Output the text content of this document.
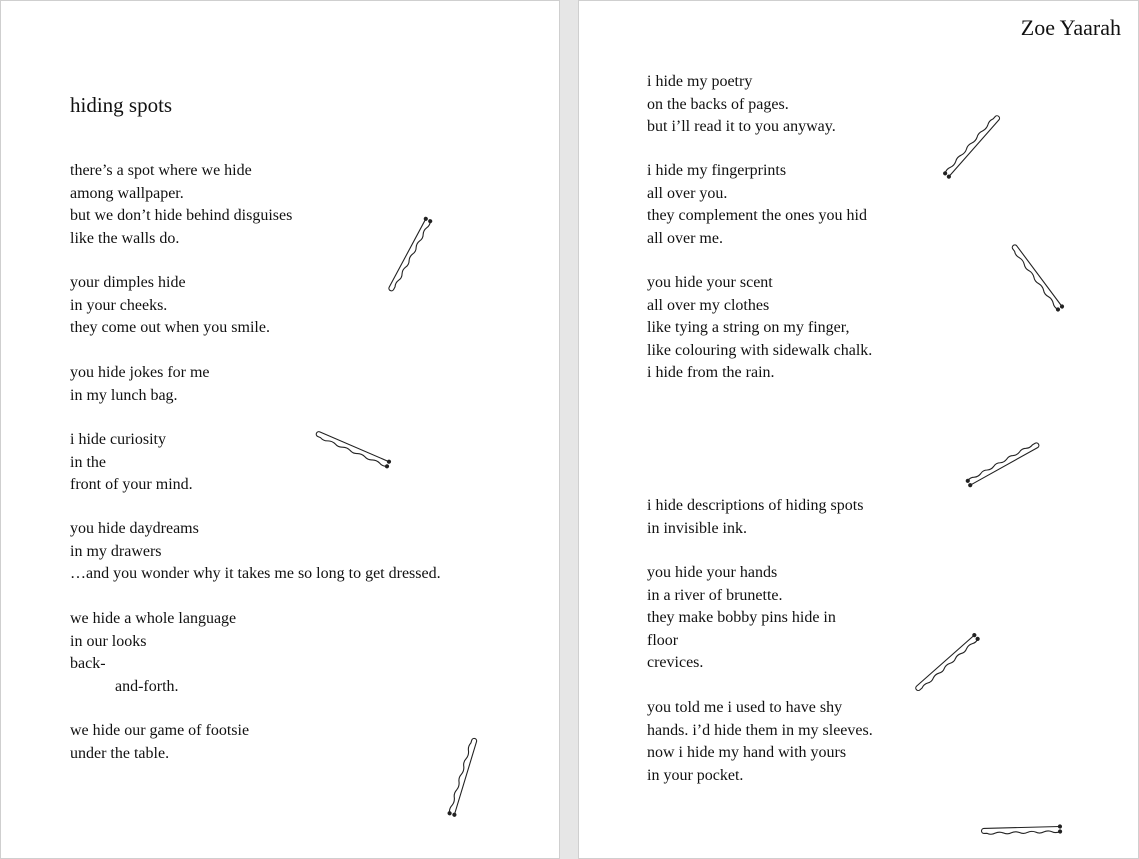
hiding spots

there’s a spot where we hide

among wallpaper.

but we don’t hide behind disguises

like the walls do.

your dimples hide

in your cheeks.

they come out when you smile.

you hide jokes for me

in my lunch bag.

i hide curiosity

in the

front of your mind.

you hide daydreams

in my drawers

…and you wonder why it takes me so long to get dressed.

we hide a whole language

in our looks

back-

and-forth.

we hide our game of footsie

under the table.

Zoe Yaarah

i hide my poetry

on the backs of pages.

but i’ll read it to you anyway.

i hide my fingerprints

all over you.

they complement the ones you hid

all over me.

you hide your scent

all over my clothes

like tying a string on my finger,

like colouring with sidewalk chalk.

i hide from the rain.

i hide descriptions of hiding spots

in invisible ink.

you hide your hands

in a river of brunette.

they make bobby pins hide in

floor

crevices.

you told me i used to have shy

hands. i’d hide them in my sleeves.

now i hide my hand with yours

in your pocket.
